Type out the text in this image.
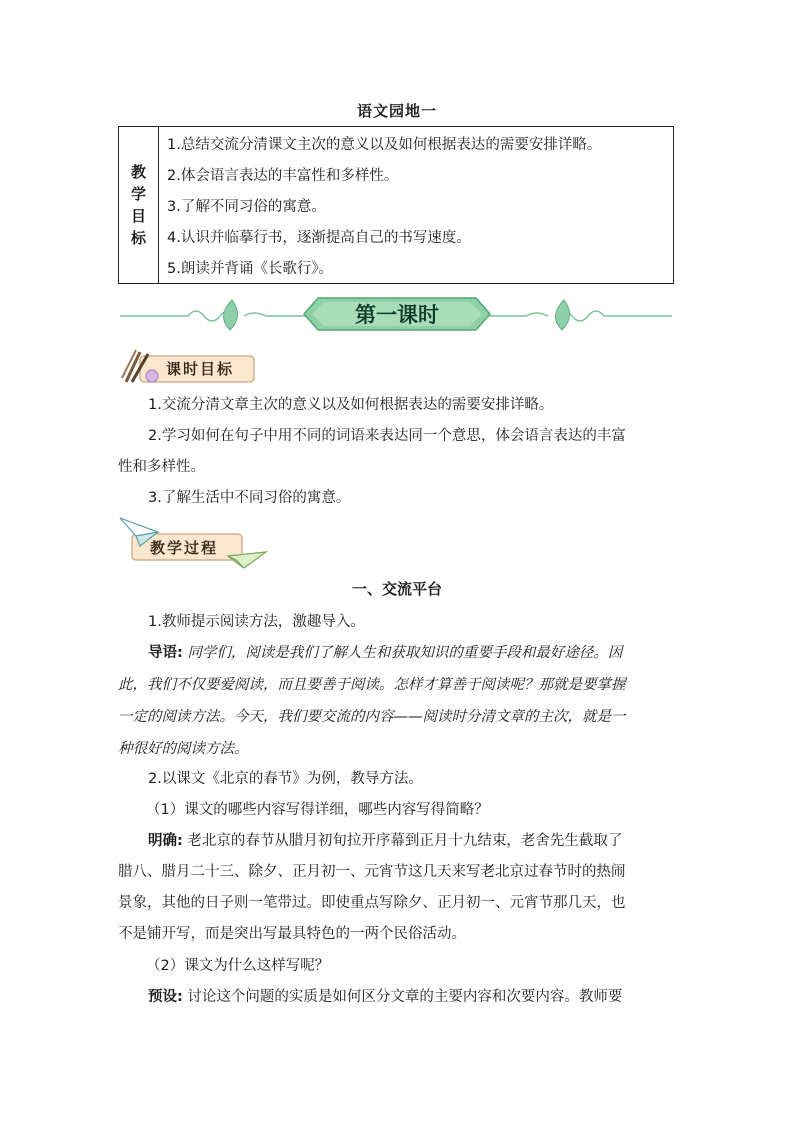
语文园地一
教
学
目
标
1.总结交流分清课文主次的意义以及如何根据表达的需要安排详略。
2.体会语言表达的丰富性和多样性。
3.了解不同习俗的寓意。
4.认识并临摹行书，逐渐提高自己的书写速度。
5.朗读并背诵《长歌行》。
第一课时
课时目标
1.交流分清文章主次的意义以及如何根据表达的需要安排详略。
2.学习如何在句子中用不同的词语来表达同一个意思，体会语言表达的丰富
性和多样性。
3.了解生活中不同习俗的寓意。
教学过程
一、交流平台
1.教师提示阅读方法，激趣导入。
导语: 同学们，阅读是我们了解人生和获取知识的重要手段和最好途径。因
此，我们不仅要爱阅读，而且要善于阅读。怎样才算善于阅读呢？那就是要掌握
一定的阅读方法。今天，我们要交流的内容——阅读时分清文章的主次，就是一
种很好的阅读方法。
2.以课文《北京的春节》为例，教导方法。
（1）课文的哪些内容写得详细，哪些内容写得简略？
明确: 老北京的春节从腊月初旬拉开序幕到正月十九结束，老舍先生截取了
腊八、腊月二十三、除夕、正月初一、元宵节这几天来写老北京过春节时的热闹
景象，其他的日子则一笔带过。即使重点写除夕、正月初一、元宵节那几天，也
不是铺开写，而是突出写最具特色的一两个民俗活动。
（2）课文为什么这样写呢？
预设: 讨论这个问题的实质是如何区分文章的主要内容和次要内容。教师要
